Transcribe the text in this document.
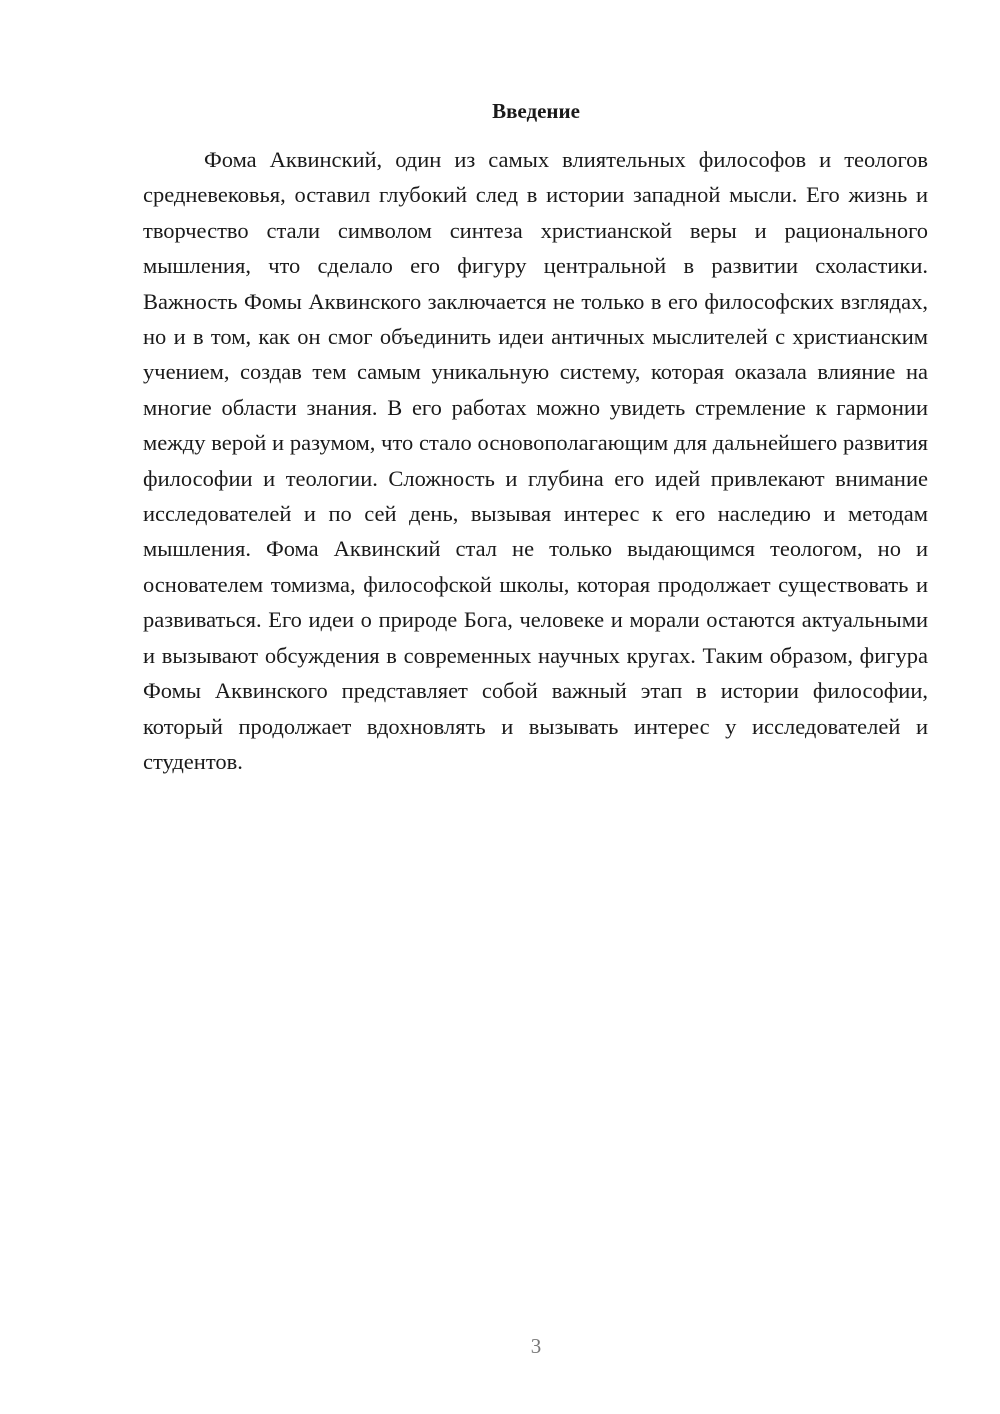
Введение

Фома Аквинский, один из самых влиятельных философов и теологов средневековья, оставил глубокий след в истории западной мысли. Его жизнь и творчество стали символом синтеза христианской веры и рационального мышления, что сделало его фигуру центральной в развитии схоластики. Важность Фомы Аквинского заключается не только в его философских взглядах, но и в том, как он смог объединить идеи античных мыслителей с христианским учением, создав тем самым уникальную систему, которая оказала влияние на многие области знания. В его работах можно увидеть стремление к гармонии между верой и разумом, что стало основополагающим для дальнейшего развития философии и теологии. Сложность и глубина его идей привлекают внимание исследователей и по сей день, вызывая интерес к его наследию и методам мышления. Фома Аквинский стал не только выдающимся теологом, но и основателем томизма, философской школы, которая продолжает существовать и развиваться. Его идеи о природе Бога, человеке и морали остаются актуальными и вызывают обсуждения в современных научных кругах. Таким образом, фигура Фомы Аквинского представляет собой важный этап в истории философии, который продолжает вдохновлять и вызывать интерес у исследователей и студентов.

3
